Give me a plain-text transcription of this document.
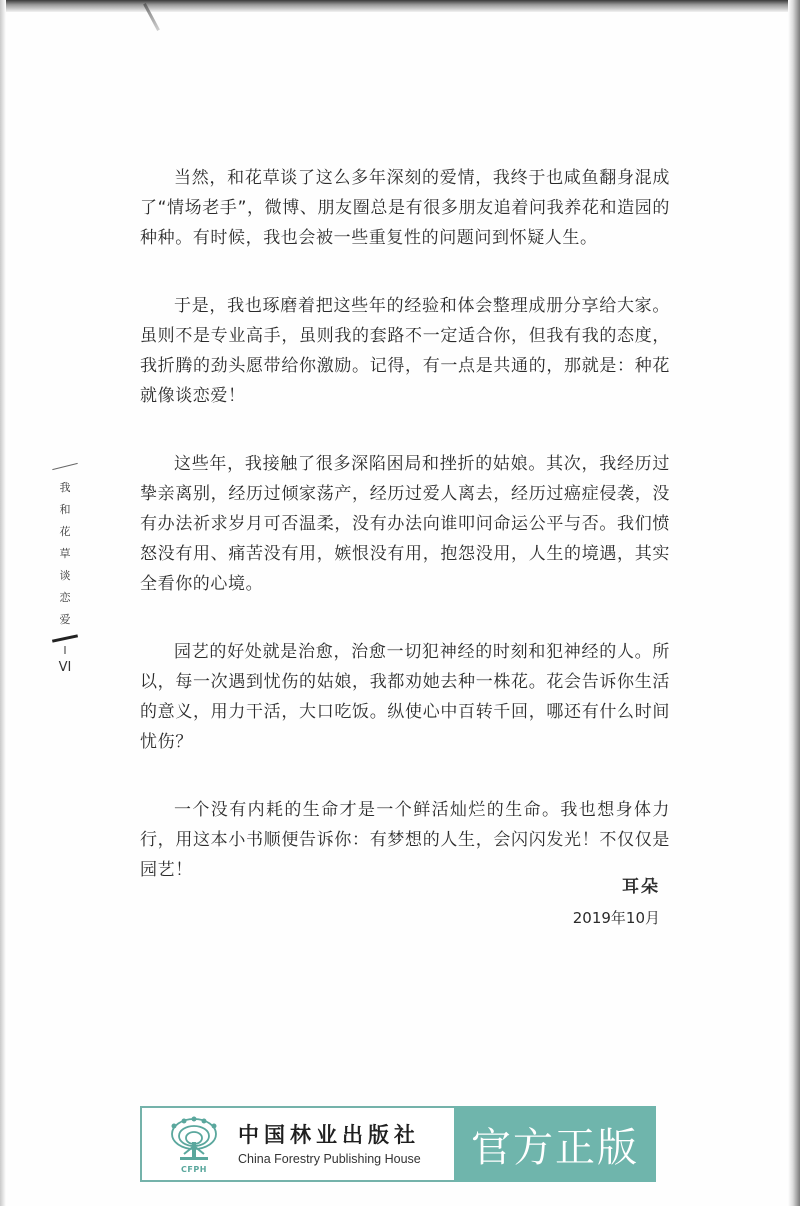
当然，和花草谈了这么多年深刻的爱情，我终于也咸鱼翻身混成了“情场老手”，微博、朋友圈总是有很多朋友追着问我养花和造园的种种。有时候，我也会被一些重复性的问题问到怀疑人生。

于是，我也琢磨着把这些年的经验和体会整理成册分享给大家。虽则不是专业高手，虽则我的套路不一定适合你，但我有我的态度，我折腾的劲头愿带给你激励。记得，有一点是共通的，那就是：种花就像谈恋爱！

这些年，我接触了很多深陷困局和挫折的姑娘。其次，我经历过挚亲离别，经历过倾家荡产，经历过爱人离去，经历过癌症侵袭，没有办法祈求岁月可否温柔，没有办法向谁叩问命运公平与否。我们愤怒没有用、痛苦没有用，嫉恨没有用，抱怨没用，人生的境遇，其实全看你的心境。

园艺的好处就是治愈，治愈一切犯神经的时刻和犯神经的人。所以，每一次遇到忧伤的姑娘，我都劝她去种一株花。花会告诉你生活的意义，用力干活，大口吃饭。纵使心中百转千回，哪还有什么时间忧伤？

一个没有内耗的生命才是一个鲜活灿烂的生命。我也想身体力行，用这本小书顺便告诉你：有梦想的人生，会闪闪发光！不仅仅是园艺！

耳朵
2019年10月
我
和
花
草
谈
恋
爱
I
VI
CFPH
中国林业出版社
China Forestry Publishing House 官方正版
